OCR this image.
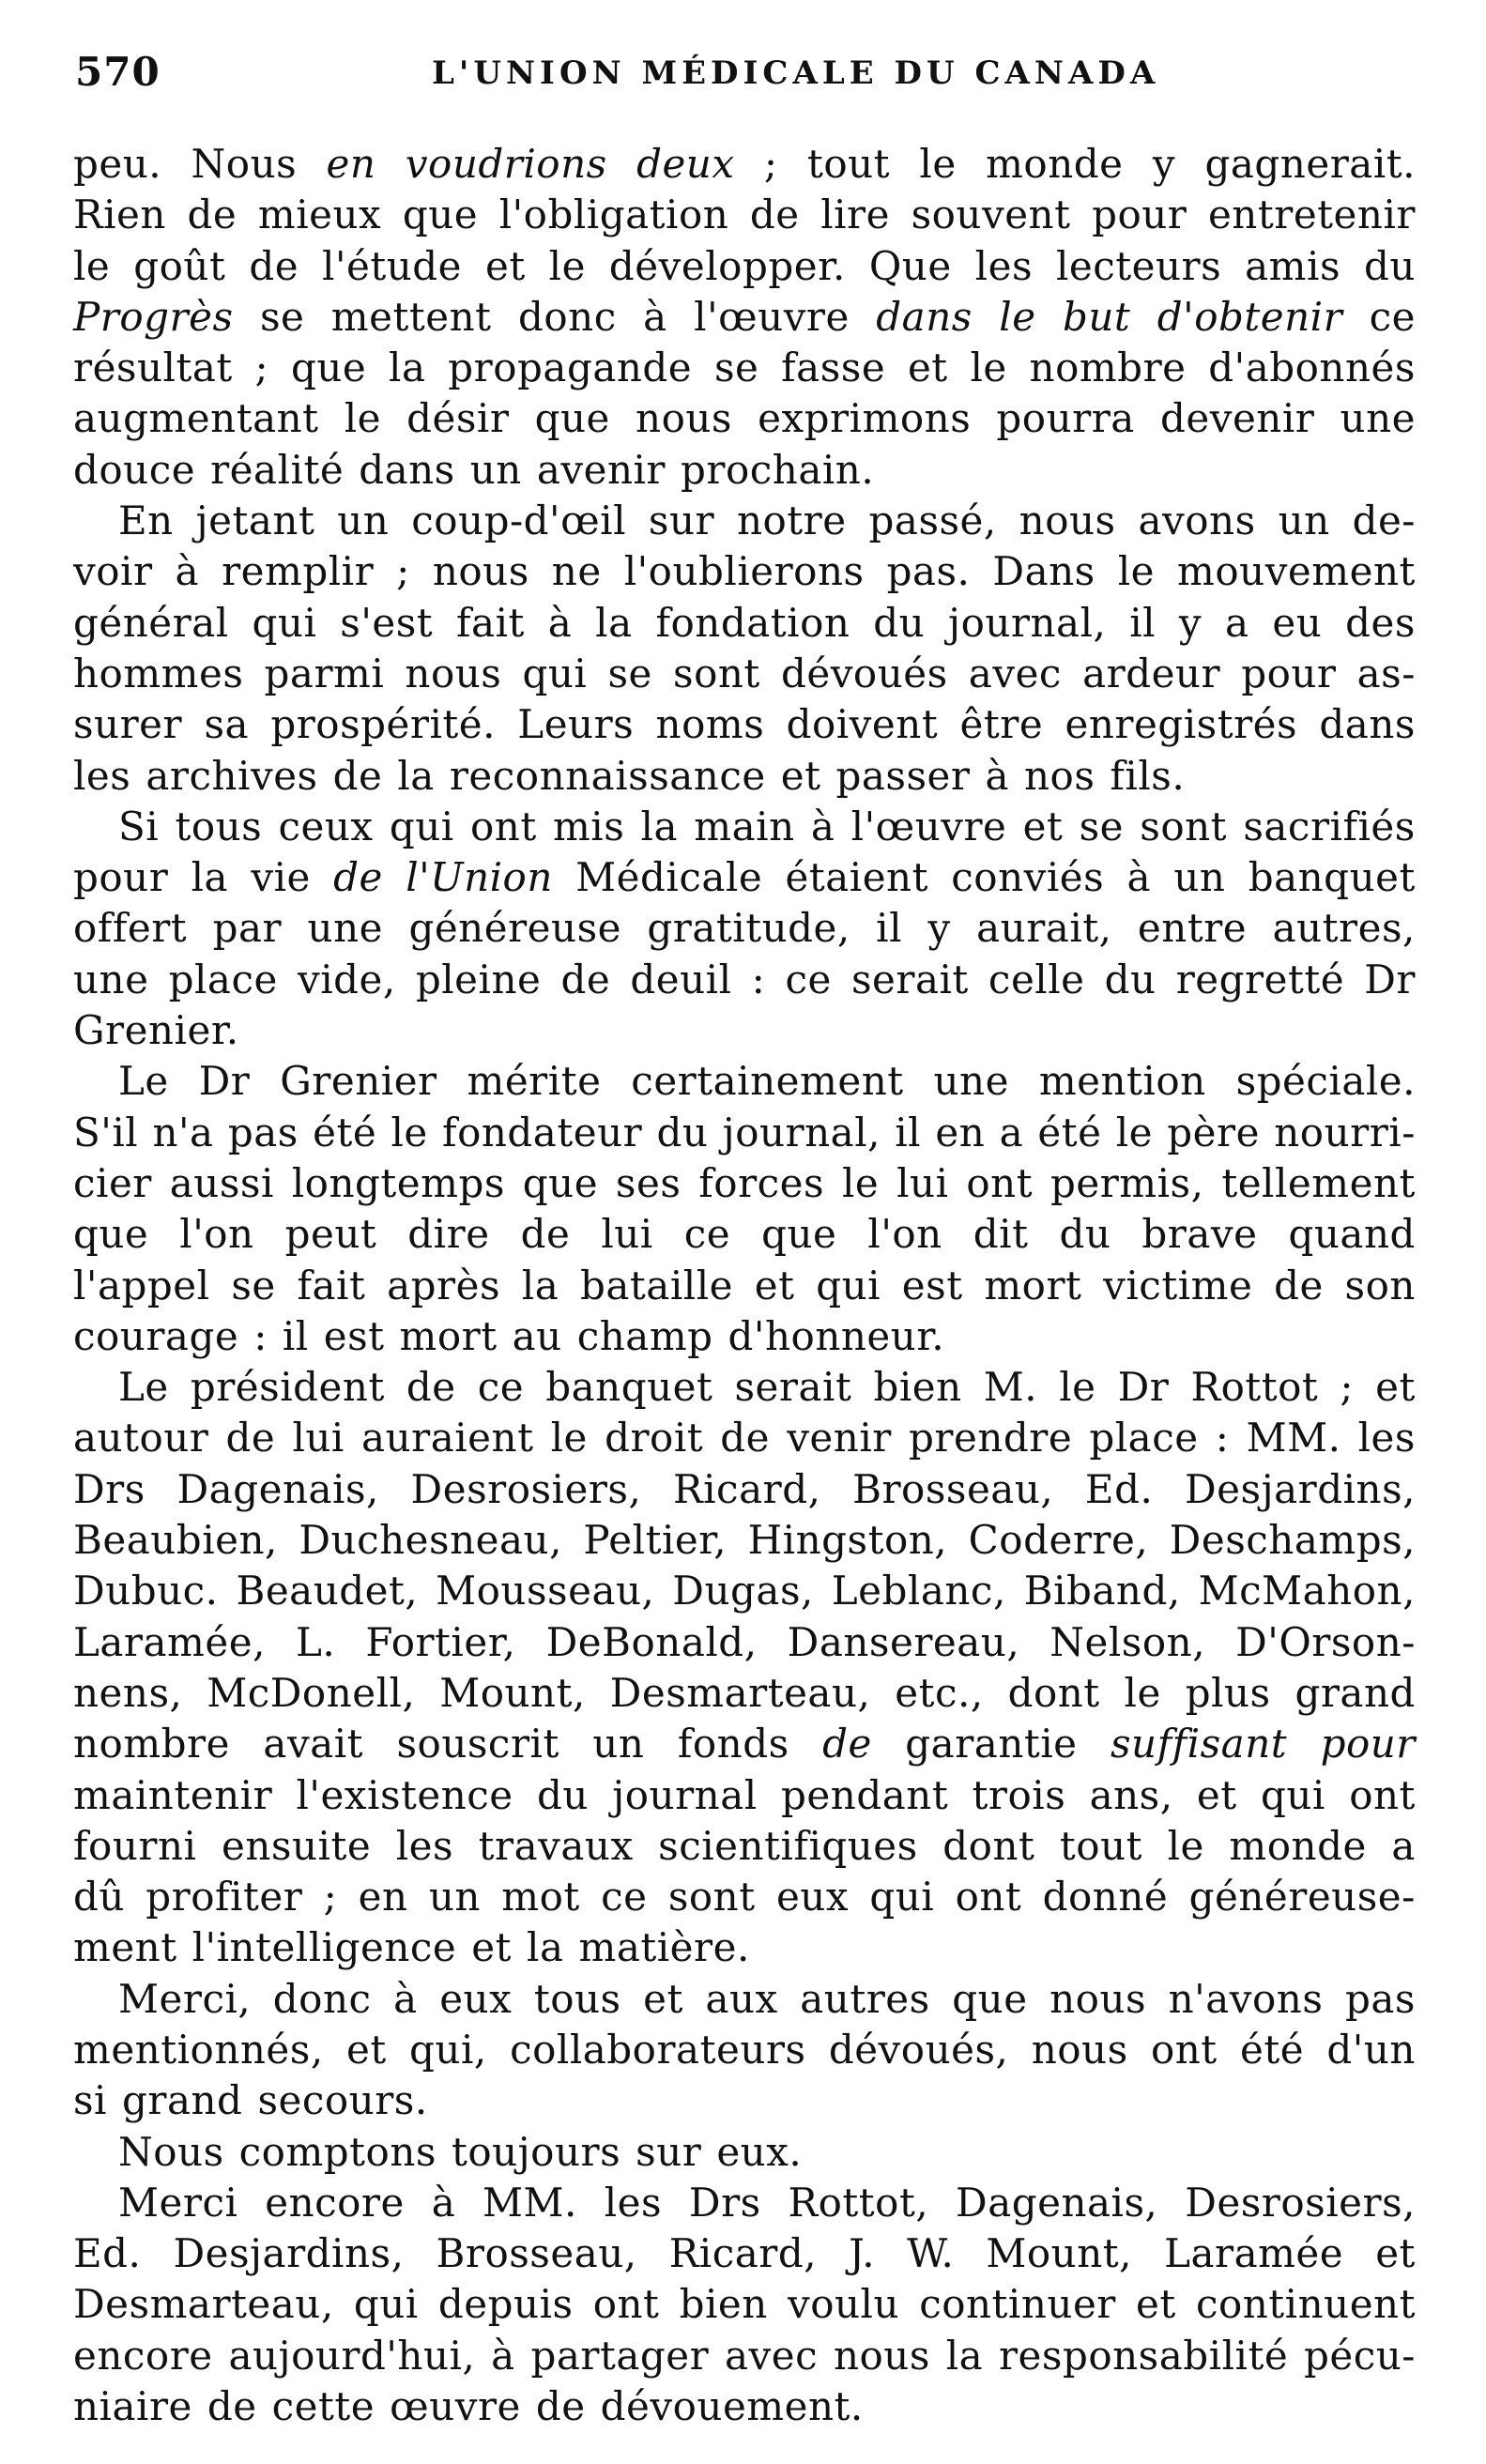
570	L'UNION MÉDICALE DU CANADA
peu. Nous en voudrions deux ; tout le monde y gagnerait.
Rien de mieux que l'obligation de lire souvent pour entretenir
le goût de l'étude et le développer. Que les lecteurs amis du
Progrès se mettent donc à l'œuvre dans le but d'obtenir ce
résultat ; que la propagande se fasse et le nombre d'abonnés
augmentant le désir que nous exprimons pourra devenir une
douce réalité dans un avenir prochain.
En jetant un coup-d'œil sur notre passé, nous avons un de-
voir à remplir ; nous ne l'oublierons pas. Dans le mouvement
général qui s'est fait à la fondation du journal, il y a eu des
hommes parmi nous qui se sont dévoués avec ardeur pour as-
surer sa prospérité. Leurs noms doivent être enregistrés dans
les archives de la reconnaissance et passer à nos fils.
Si tous ceux qui ont mis la main à l'œuvre et se sont sacrifiés
pour la vie de l'Union Médicale étaient conviés à un banquet
offert par une généreuse gratitude, il y aurait, entre autres,
une place vide, pleine de deuil : ce serait celle du regretté Dr
Grenier.
Le Dr Grenier mérite certainement une mention spéciale.
S'il n'a pas été le fondateur du journal, il en a été le père nourri-
cier aussi longtemps que ses forces le lui ont permis, tellement
que l'on peut dire de lui ce que l'on dit du brave quand
l'appel se fait après la bataille et qui est mort victime de son
courage : il est mort au champ d'honneur.
Le président de ce banquet serait bien M. le Dr Rottot ; et
autour de lui auraient le droit de venir prendre place : MM. les
Drs Dagenais, Desrosiers, Ricard, Brosseau, Ed. Desjardins,
Beaubien, Duchesneau, Peltier, Hingston, Coderre, Deschamps,
Dubuc. Beaudet, Mousseau, Dugas, Leblanc, Biband, McMahon,
Laramée, L. Fortier, DeBonald, Dansereau, Nelson, D'Orson-
nens, McDonell, Mount, Desmarteau, etc., dont le plus grand
nombre avait souscrit un fonds de garantie suffisant pour
maintenir l'existence du journal pendant trois ans, et qui ont
fourni ensuite les travaux scientifiques dont tout le monde a
dû profiter ; en un mot ce sont eux qui ont donné généreuse-
ment l'intelligence et la matière.
Merci, donc à eux tous et aux autres que nous n'avons pas
mentionnés, et qui, collaborateurs dévoués, nous ont été d'un
si grand secours.
Nous comptons toujours sur eux.
Merci encore à MM. les Drs Rottot, Dagenais, Desrosiers,
Ed. Desjardins, Brosseau, Ricard, J. W. Mount, Laramée et
Desmarteau, qui depuis ont bien voulu continuer et continuent
encore aujourd'hui, à partager avec nous la responsabilité pécu-
niaire de cette œuvre de dévouement.
